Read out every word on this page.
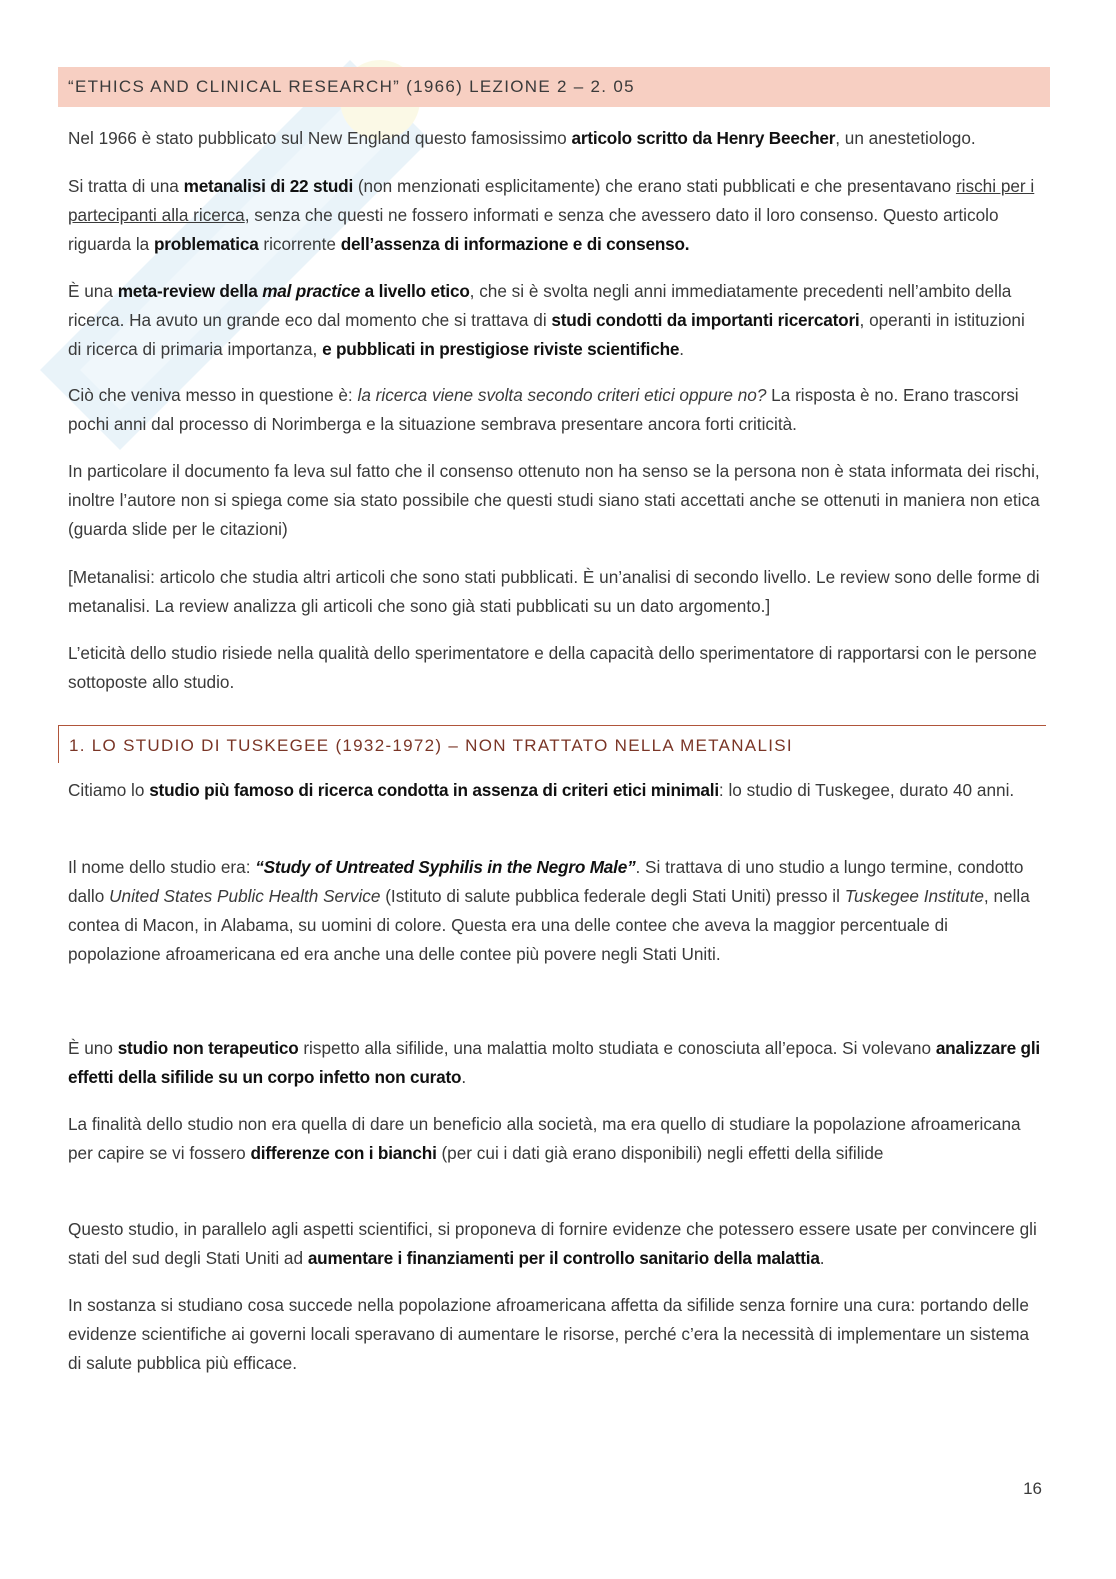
“ETHICS AND CLINICAL RESEARCH” (1966) LEZIONE 2 – 2. 05

Nel 1966 è stato pubblicato sul New England questo famosissimo articolo scritto da Henry Beecher, un anestetiologo.

Si tratta di una metanalisi di 22 studi (non menzionati esplicitamente) che erano stati pubblicati e che presentavano rischi per i partecipanti alla ricerca, senza che questi ne fossero informati e senza che avessero dato il loro consenso. Questo articolo riguarda la problematica ricorrente dell’assenza di informazione e di consenso.

È una meta-review della mal practice a livello etico, che si è svolta negli anni immediatamente precedenti nell’ambito della ricerca. Ha avuto un grande eco dal momento che si trattava di studi condotti da importanti ricercatori, operanti in istituzioni di ricerca di primaria importanza, e pubblicati in prestigiose riviste scientifiche.

Ciò che veniva messo in questione è: la ricerca viene svolta secondo criteri etici oppure no? La risposta è no. Erano trascorsi pochi anni dal processo di Norimberga e la situazione sembrava presentare ancora forti criticità.

In particolare il documento fa leva sul fatto che il consenso ottenuto non ha senso se la persona non è stata informata dei rischi, inoltre l’autore non si spiega come sia stato possibile che questi studi siano stati accettati anche se ottenuti in maniera non etica (guarda slide per le citazioni)

[Metanalisi: articolo che studia altri articoli che sono stati pubblicati. È un’analisi di secondo livello. Le review sono delle forme di metanalisi. La review analizza gli articoli che sono già stati pubblicati su un dato argomento.]

L’eticità dello studio risiede nella qualità dello sperimentatore e della capacità dello sperimentatore di rapportarsi con le persone sottoposte allo studio.

1. LO STUDIO DI TUSKEGEE (1932-1972) – NON TRATTATO NELLA METANALISI

Citiamo lo studio più famoso di ricerca condotta in assenza di criteri etici minimali: lo studio di Tuskegee, durato 40 anni.

Il nome dello studio era: “Study of Untreated Syphilis in the Negro Male”. Si trattava di uno studio a lungo termine, condotto dallo United States Public Health Service (Istituto di salute pubblica federale degli Stati Uniti) presso il Tuskegee Institute, nella contea di Macon, in Alabama, su uomini di colore. Questa era una delle contee che aveva la maggior percentuale di popolazione afroamericana ed era anche una delle contee più povere negli Stati Uniti.

È uno studio non terapeutico rispetto alla sifilide, una malattia molto studiata e conosciuta all’epoca. Si volevano analizzare gli effetti della sifilide su un corpo infetto non curato.

La finalità dello studio non era quella di dare un beneficio alla società, ma era quello di studiare la popolazione afroamericana per capire se vi fossero differenze con i bianchi (per cui i dati già erano disponibili) negli effetti della sifilide

Questo studio, in parallelo agli aspetti scientifici, si proponeva di fornire evidenze che potessero essere usate per convincere gli stati del sud degli Stati Uniti ad aumentare i finanziamenti per il controllo sanitario della malattia.

In sostanza si studiano cosa succede nella popolazione afroamericana affetta da sifilide senza fornire una cura: portando delle evidenze scientifiche ai governi locali speravano di aumentare le risorse, perché c’era la necessità di implementare un sistema di salute pubblica più efficace.

16
